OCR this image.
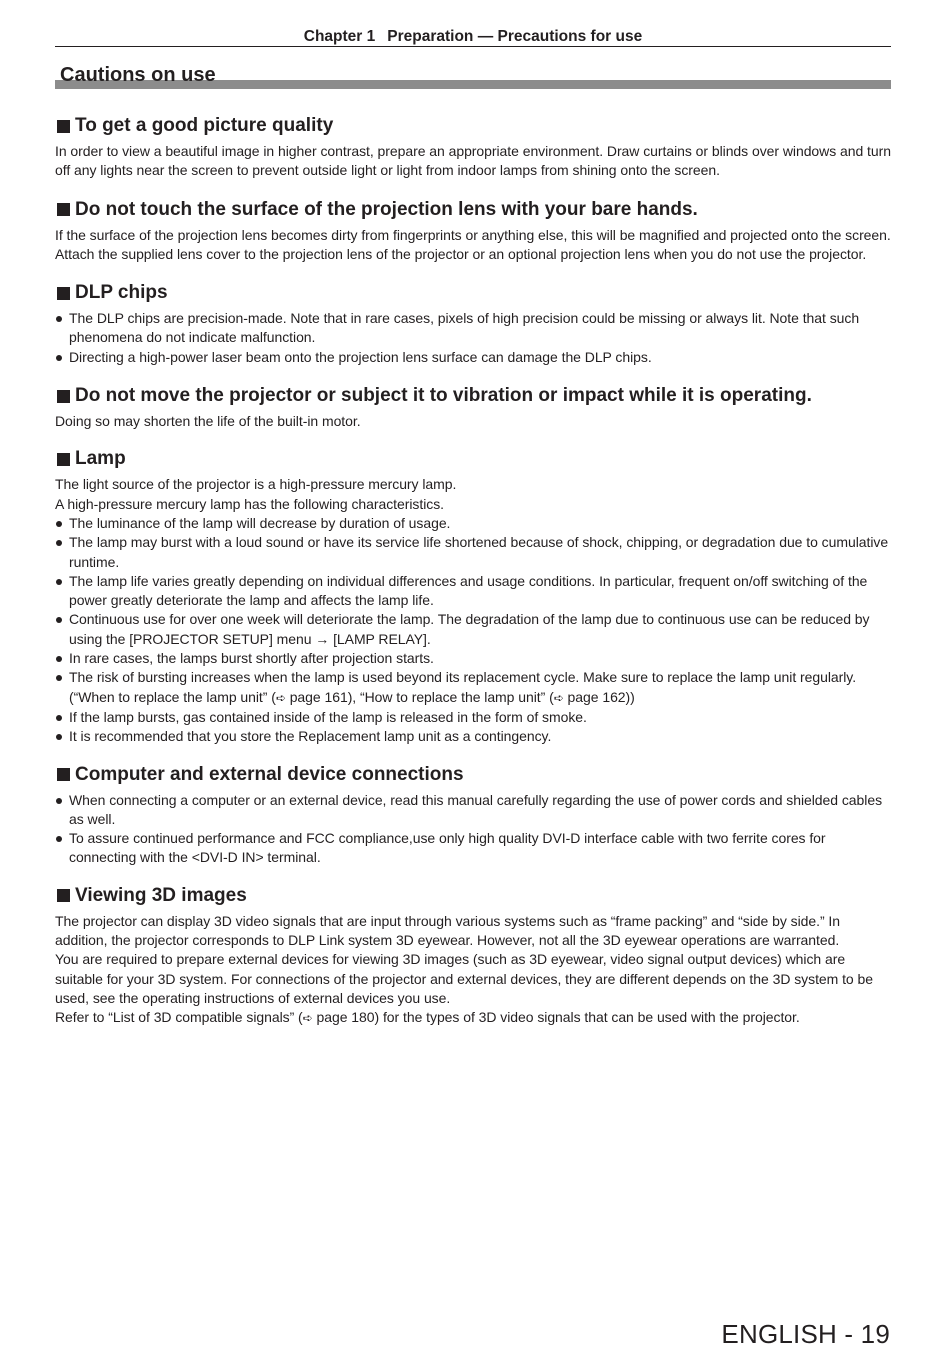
Chapter 1 Preparation — Precautions for use
Cautions on use
To get a good picture quality

In order to view a beautiful image in higher contrast, prepare an appropriate environment. Draw curtains or blinds over windows and turn off any lights near the screen to prevent outside light or light from indoor lamps from shining onto the screen.

Do not touch the surface of the projection lens with your bare hands.

If the surface of the projection lens becomes dirty from fingerprints or anything else, this will be magnified and projected onto the screen.

Attach the supplied lens cover to the projection lens of the projector or an optional projection lens when you do not use the projector.

DLP chips
The DLP chips are precision-made. Note that in rare cases, pixels of high precision could be missing or always lit. Note that such phenomena do not indicate malfunction.
Directing a high-power laser beam onto the projection lens surface can damage the DLP chips.
Do not move the projector or subject it to vibration or impact while it is operating.

Doing so may shorten the life of the built-in motor.

Lamp

The light source of the projector is a high-pressure mercury lamp.

A high-pressure mercury lamp has the following characteristics.

The luminance of the lamp will decrease by duration of usage.
The lamp may burst with a loud sound or have its service life shortened because of shock, chipping, or degradation due to cumulative runtime.
The lamp life varies greatly depending on individual differences and usage conditions. In particular, frequent on/off switching of the power greatly deteriorate the lamp and affects the lamp life.
Continuous use for over one week will deteriorate the lamp. The degradation of the lamp due to continuous use can be reduced by using the [PROJECTOR SETUP] menu → [LAMP RELAY].
In rare cases, the lamps burst shortly after projection starts.
The risk of bursting increases when the lamp is used beyond its replacement cycle. Make sure to replace the lamp unit regularly.
(“When to replace the lamp unit” (➪ page 161), “How to replace the lamp unit” (➪ page 162))
If the lamp bursts, gas contained inside of the lamp is released in the form of smoke.
It is recommended that you store the Replacement lamp unit as a contingency.
Computer and external device connections
When connecting a computer or an external device, read this manual carefully regarding the use of power cords and shielded cables as well.
To assure continued performance and FCC compliance,use only high quality DVI-D interface cable with two ferrite cores for connecting with the <DVI-D IN> terminal.
Viewing 3D images

The projector can display 3D video signals that are input through various systems such as “frame packing” and “side by side.” In addition, the projector corresponds to DLP Link system 3D eyewear. However, not all the 3D eyewear operations are warranted.

You are required to prepare external devices for viewing 3D images (such as 3D eyewear, video signal output devices) which are suitable for your 3D system. For connections of the projector and external devices, they are different depends on the 3D system to be used, see the operating instructions of external devices you use.

Refer to “List of 3D compatible signals” (➪ page 180) for the types of 3D video signals that can be used with the projector.

ENGLISH - 19
